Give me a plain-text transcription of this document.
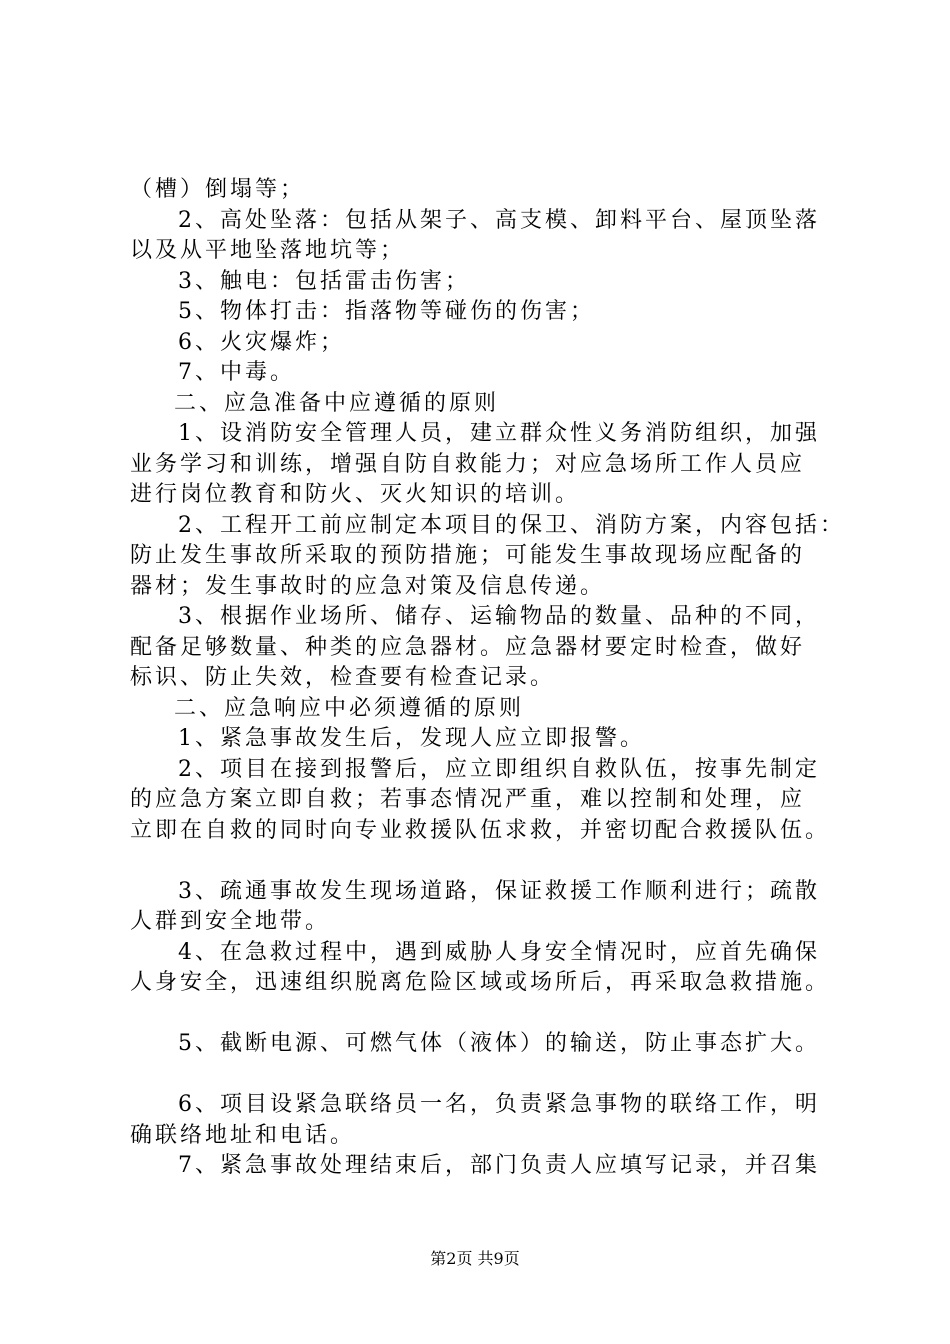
（槽）倒塌等；
2、高处坠落：包括从架子、高支模、卸料平台、屋顶坠落
以及从平地坠落地坑等；
3、触电：包括雷击伤害；
5、物体打击：指落物等碰伤的伤害；
6、火灾爆炸；
7、中毒。
二、应急准备中应遵循的原则
1、设消防安全管理人员，建立群众性义务消防组织，加强
业务学习和训练，增强自防自救能力；对应急场所工作人员应
进行岗位教育和防火、灭火知识的培训。
2、工程开工前应制定本项目的保卫、消防方案，内容包括：
防止发生事故所采取的预防措施；可能发生事故现场应配备的
器材；发生事故时的应急对策及信息传递。
3、根据作业场所、储存、运输物品的数量、品种的不同，
配备足够数量、种类的应急器材。应急器材要定时检查，做好
标识、防止失效，检查要有检查记录。
二、应急响应中必须遵循的原则
1、紧急事故发生后，发现人应立即报警。
2、项目在接到报警后，应立即组织自救队伍，按事先制定
的应急方案立即自救；若事态情况严重，难以控制和处理，应
立即在自救的同时向专业救援队伍求救，并密切配合救援队伍。
3、疏通事故发生现场道路，保证救援工作顺利进行；疏散
人群到安全地带。
4、在急救过程中，遇到威胁人身安全情况时，应首先确保
人身安全，迅速组织脱离危险区域或场所后，再采取急救措施。
5、截断电源、可燃气体（液体）的输送，防止事态扩大。
6、项目设紧急联络员一名，负责紧急事物的联络工作，明
确联络地址和电话。
7、紧急事故处理结束后，部门负责人应填写记录，并召集
第2页 共9页
